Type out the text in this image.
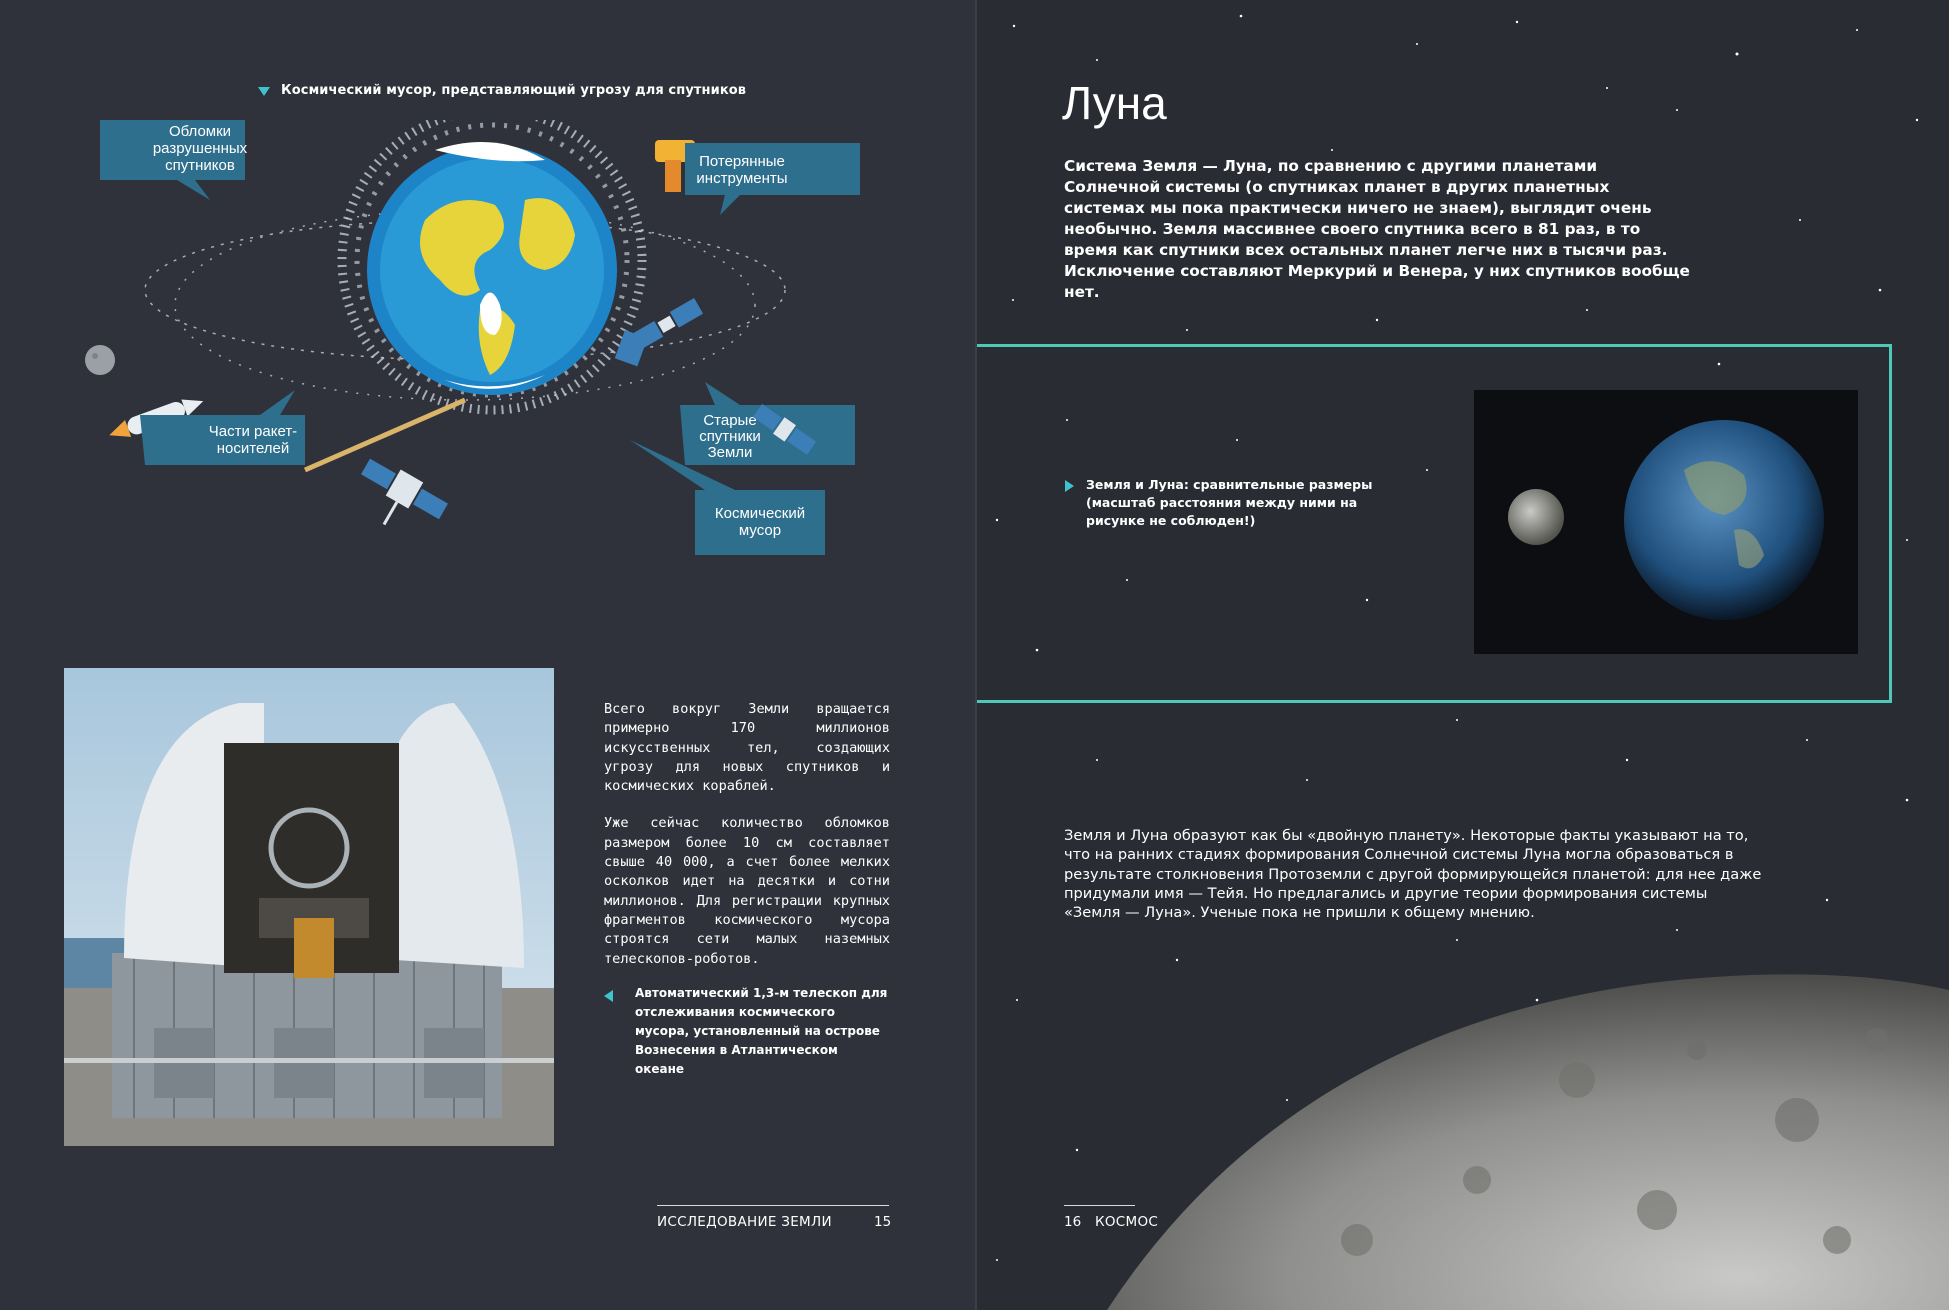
Космический мусор, представляющий угрозу для спутников
Обломки
разрушенных
спутников	Потерянные
инструменты
Части ракет-
носителей
Старые
спутники
Земли
Космический
мусор

Всего вокруг Земли вращается примерно 170 миллионов искусственных тел, создающих угрозу для новых спутников и космических кораблей.

Уже сейчас количество обломков размером более 10 см составляет свыше 40 000, а счет более мелких осколков идет на десятки и сотни миллионов. Для регистрации крупных фрагментов космического мусора строятся сети малых наземных телескопов-роботов.

Автоматический 1,3-м телескоп для отслеживания космического мусора, установленный на острове Вознесения в Атлантическом океане
ИССЛЕДОВАНИЕ ЗЕМЛИ	15
Луна
Система Земля — Луна, по сравнению с другими планетами Солнечной системы (о спутниках планет в других планетных системах мы пока практически ничего не знаем), выглядит очень необычно. Земля массивнее своего спутника всего в 81 раз, в то время как спутники всех остальных планет легче них в тысячи раз. Исключение составляют Меркурий и Венера, у них спутников вообще нет.
Земля и Луна: сравнительные размеры (масштаб расстояния между ними на рисунке не соблюден!)
Земля и Луна образуют как бы «двойную планету». Некоторые факты указывают на то, что на ранних стадиях формирования Солнечной системы Луна могла образоваться в результате столкновения Протоземли с другой формирующейся планетой: для нее даже придумали имя — Тейя. Но предлагались и другие теории формирования системы «Земля — Луна». Ученые пока не пришли к общему мнению.
16 КОСМОС
